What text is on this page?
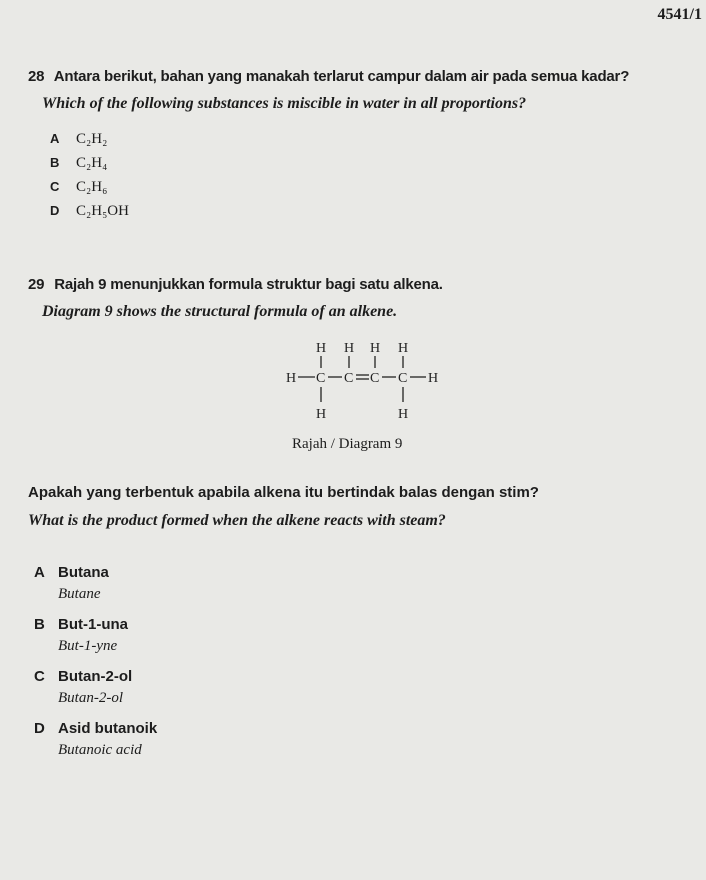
4541/1
28 Antara berikut, bahan yang manakah terlarut campur dalam air pada semua kadar?
Which of the following substances is miscible in water in all proportions?
A	C₂H₂
B	C₂H₄
C	C₂H₆
D	C₂H₅OH
29 Rajah 9 menunjukkan formula struktur bagi satu alkena.
Diagram 9 shows the structural formula of an alkene.
H H H H
H C C C C H
H	H
Rajah / Diagram 9
Apakah yang terbentuk apabila alkena itu bertindak balas dengan stim?
What is the product formed when the alkene reacts with steam?
A Butana
Butane
B But-1-una
But-1-yne
C Butan-2-ol
Butan-2-ol
D Asid butanoik
Butanoic acid
